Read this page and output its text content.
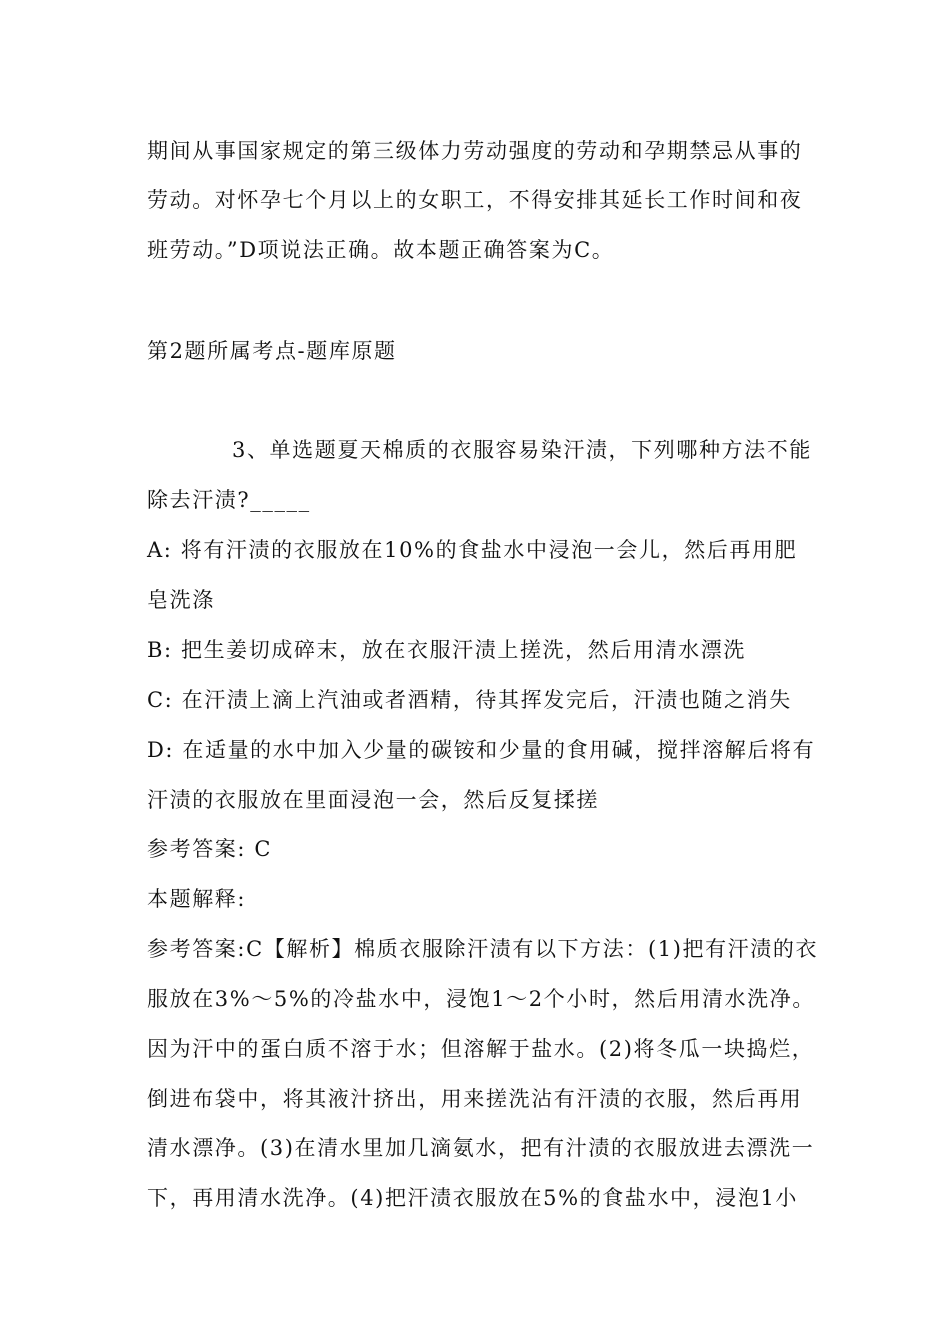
期间从事国家规定的第三级体力劳动强度的劳动和孕期禁忌从事的
劳动。对怀孕七个月以上的女职工，不得安排其延长工作时间和夜
班劳动。”D项说法正确。故本题正确答案为C。
第2题所属考点-题库原题
3、单选题夏天棉质的衣服容易染汗渍，下列哪种方法不能
除去汗渍?_____
A: 将有汗渍的衣服放在10%的食盐水中浸泡一会儿，然后再用肥
皂洗涤
B: 把生姜切成碎末，放在衣服汗渍上搓洗，然后用清水漂洗
C: 在汗渍上滴上汽油或者酒精，待其挥发完后，汗渍也随之消失
D: 在适量的水中加入少量的碳铵和少量的食用碱，搅拌溶解后将有
汗渍的衣服放在里面浸泡一会，然后反复揉搓
参考答案: C
本题解释:
参考答案:C【解析】棉质衣服除汗渍有以下方法：(1)把有汗渍的衣
服放在3%～5%的冷盐水中，浸饱1～2个小时，然后用清水洗净。
因为汗中的蛋白质不溶于水；但溶解于盐水。(2)将冬瓜一块捣烂，
倒进布袋中，将其液汁挤出，用来搓洗沾有汗渍的衣服，然后再用
清水漂净。(3)在清水里加几滴氨水，把有汁渍的衣服放进去漂洗一
下，再用清水洗净。(4)把汗渍衣服放在5%的食盐水中，浸泡1小
